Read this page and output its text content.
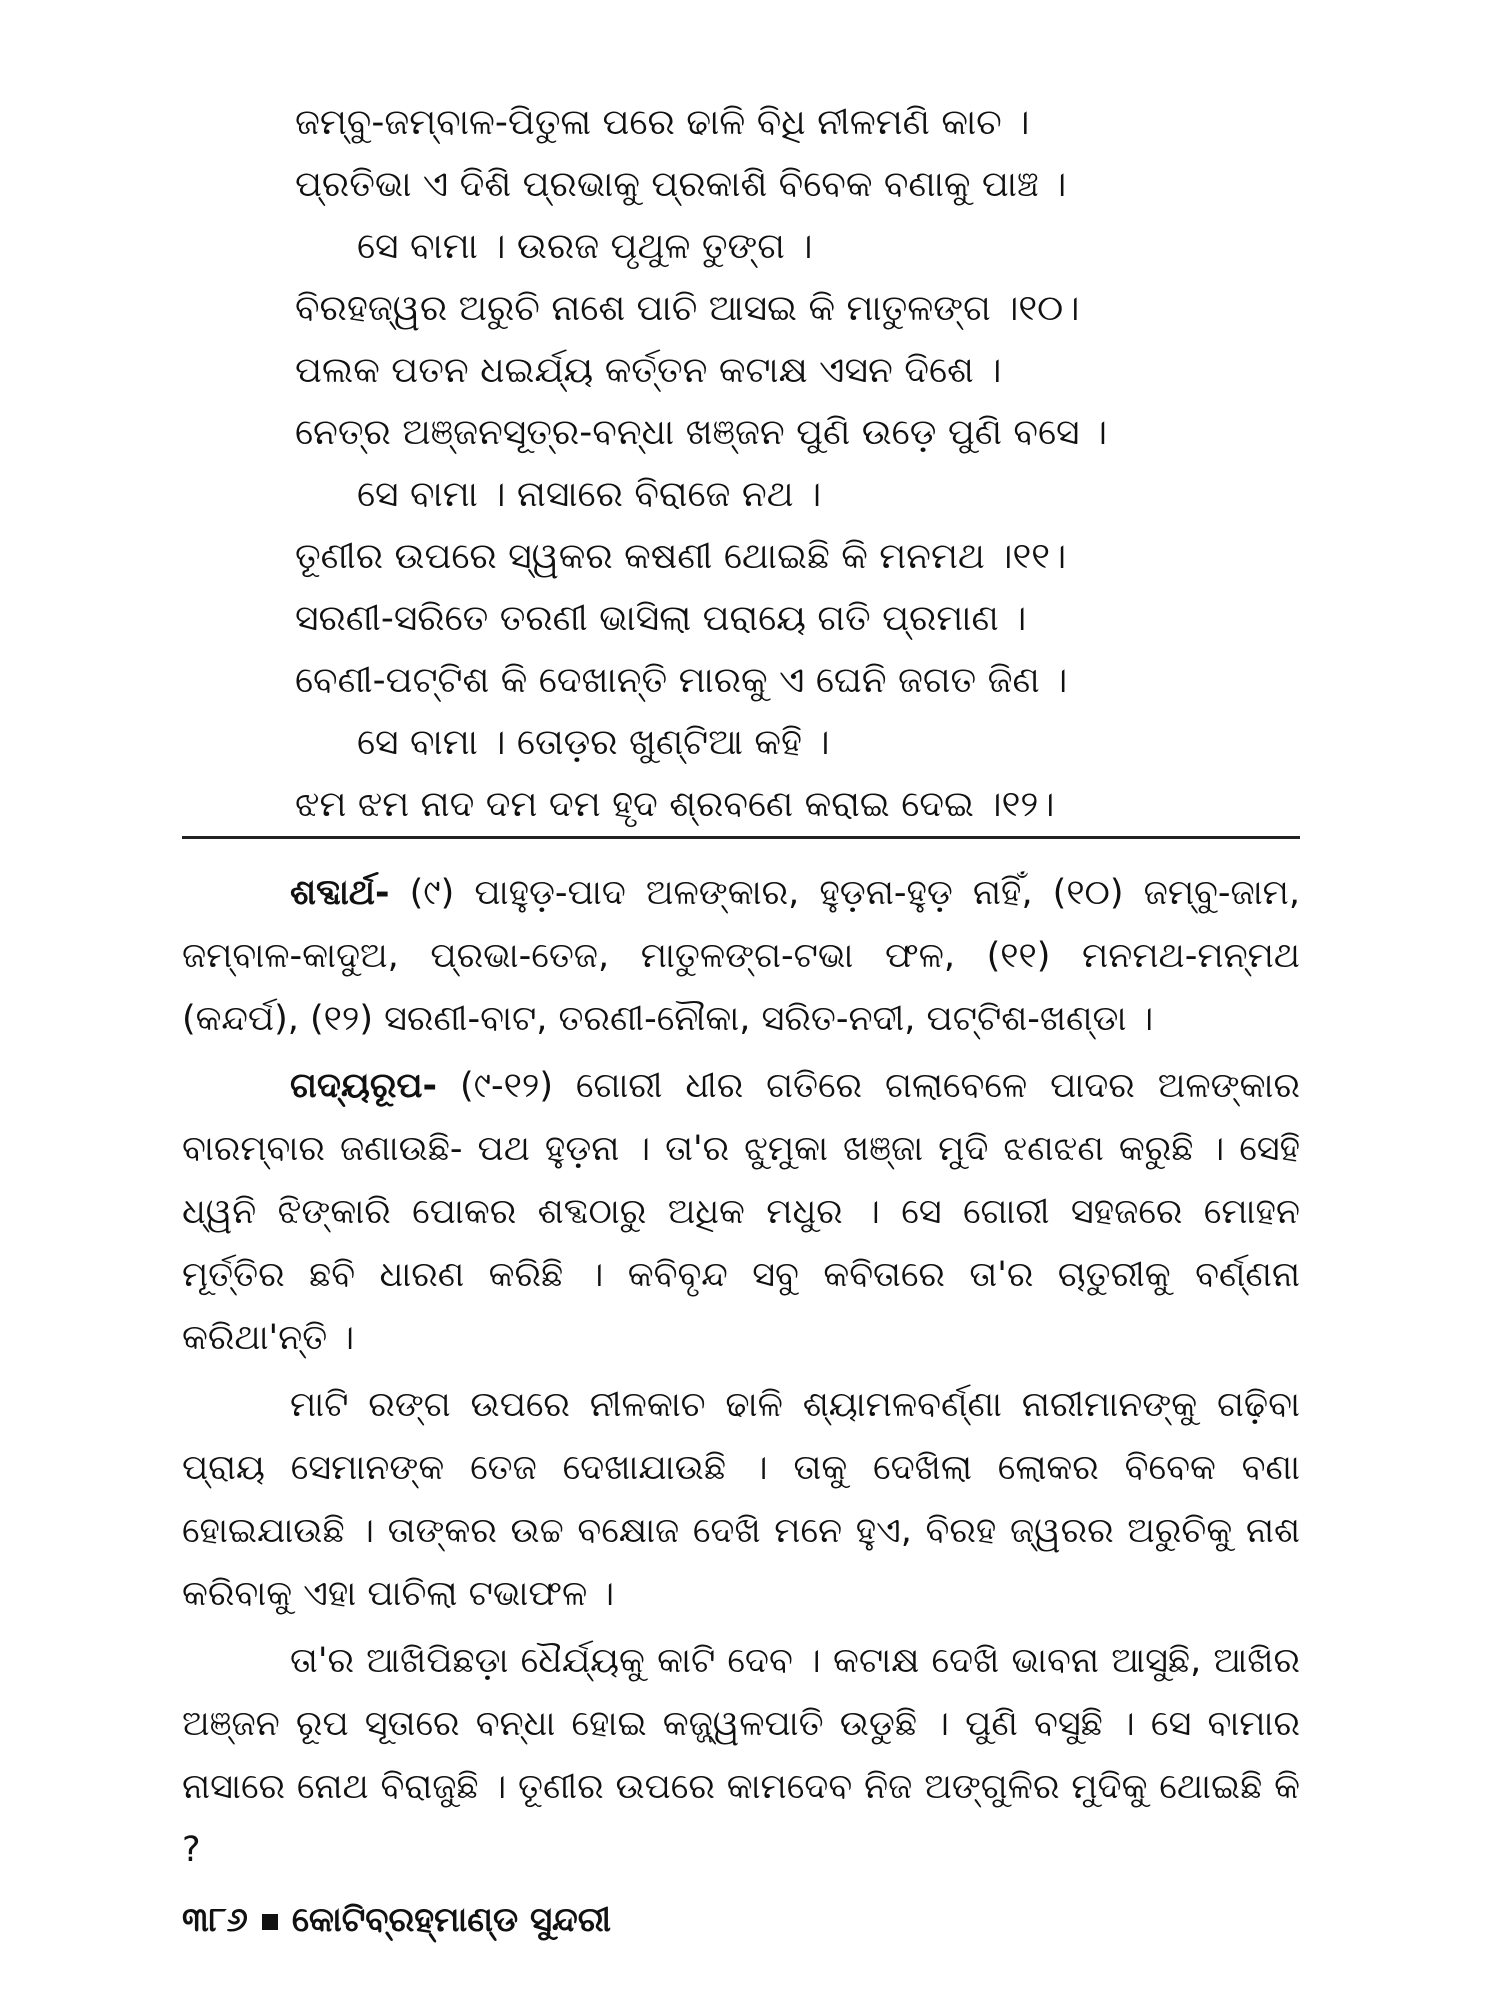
ଜମ୍ବୁ-ଜମ୍ବାଳ-ପିତୁଳା ପରେ ଢାଳି ବିଧି ନୀଳମଣି କାଚ ।
ପ୍ରତିଭା ଏ ଦିଶି ପ୍ରଭାକୁ ପ୍ରକାଶି ବିବେକ ବଣାକୁ ପାଞ୍ଚ ।
ସେ ବାମା । ଉରଜ ପୃଥୁଳ ତୁଙ୍ଗ ।
ବିରହଜ୍ୱର ଅରୁଚି ନାଶେ ପାଚି ଆସଇ କି ମାତୁଳଙ୍ଗ ।୧୦।
ପଲକ ପତନ ଧଇର୍ଯ୍ୟ କର୍ତ୍ତନ କଟାକ୍ଷ ଏସନ ଦିଶେ ।
ନେତ୍ର ଅଞ୍ଜନସୂତ୍ର-ବନ୍ଧା ଖଞ୍ଜନ ପୁଣି ଉଡ଼େ ପୁଣି ବସେ ।
ସେ ବାମା । ନାସାରେ ବିରାଜେ ନଥ ।
ତୂଣୀର ଉପରେ ସ୍ୱକର କଷଣୀ ଥୋଇଛି କି ମନମଥ ।୧୧।
ସରଣୀ-ସରିତେ ତରଣୀ ଭାସିଲା ପରାୟେ ଗତି ପ୍ରମାଣ ।
ବେଣୀ-ପଟ୍ଟିଶ କି ଦେଖାନ୍ତି ମାରକୁ ଏ ଘେନି ଜଗତ ଜିଣ ।
ସେ ବାମା । ତୋଡ଼ର ଖୁଣ୍ଟିଆ କହି ।
ଝମ ଝମ ନାଦ ଦମ ଦମ ହୃଦ ଶ୍ରବଣେ କରାଇ ଦେଇ ।୧୨।

ଶବ୍ଦାର୍ଥ- (୯) ପାହୁଡ଼-ପାଦ ଅଳଙ୍କାର, ହୁଡ଼ନା-ହୁଡ଼ ନାହିଁ, (୧୦) ଜମ୍ବୁ-ଜାମ, ଜମ୍ବାଳ-କାଦୁଅ, ପ୍ରଭା-ତେଜ, ମାତୁଳଙ୍ଗ-ଟଭା ଫଳ, (୧୧) ମନମଥ-ମନ୍ମଥ (କନ୍ଦର୍ପ), (୧୨) ସରଣୀ-ବାଟ, ତରଣୀ-ନୌକା, ସରିତ-ନଦୀ, ପଟ୍ଟିଶ-ଖଣ୍ଡା ।

ଗଦ୍ୟରୂପ- (୯-୧୨) ଗୋରୀ ଧୀର ଗତିରେ ଗଲାବେଳେ ପାଦର ଅଳଙ୍କାର ବାରମ୍ବାର ଜଣାଉଛି- ପଥ ହୁଡ଼ନା । ତା'ର ଝୁମୁକା ଖଞ୍ଜା ମୁଦି ଝଣଝଣ କରୁଛି । ସେହି ଧ୍ୱନି ଝିଙ୍କାରି ପୋକର ଶବ୍ଦଠାରୁ ଅଧିକ ମଧୁର । ସେ ଗୋରୀ ସହଜରେ ମୋହନ ମୂର୍ତ୍ତିର ଛବି ଧାରଣ କରିଛି । କବିବୃନ୍ଦ ସବୁ କବିତାରେ ତା'ର ଚାତୁରୀକୁ ବର୍ଣ୍ଣନା କରିଥା'ନ୍ତି ।

ମାଟି ରଙ୍ଗ ଉପରେ ନୀଳକାଚ ଢାଳି ଶ୍ୟାମଳବର୍ଣ୍ଣା ନାରୀମାନଙ୍କୁ ଗଢ଼ିବା ପ୍ରାୟ ସେମାନଙ୍କ ତେଜ ଦେଖାଯାଉଛି । ତାକୁ ଦେଖିଲା ଲୋକର ବିବେକ ବଣା ହୋଇଯାଉଛି । ତାଙ୍କର ଉଚ୍ଚ ବକ୍ଷୋଜ ଦେଖି ମନେ ହୁଏ, ବିରହ ଜ୍ୱରର ଅରୁଚିକୁ ନାଶ କରିବାକୁ ଏହା ପାଚିଲା ଟଭାଫଳ ।

ତା'ର ଆଖିପିଛଡ଼ା ଧୈର୍ଯ୍ୟକୁ କାଟି ଦେବ । କଟାକ୍ଷ ଦେଖି ଭାବନା ଆସୁଛି, ଆଖିର ଅଞ୍ଜନ ରୂପ ସୂତାରେ ବନ୍ଧା ହୋଇ କଜ୍ଜ୍ୱଳପାତି ଉଡୁଛି । ପୁଣି ବସୁଛି । ସେ ବାମାର ନାସାରେ ନୋଥ ବିରାଜୁଛି । ତୂଣୀର ଉପରେ କାମଦେବ ନିଜ ଅଙ୍ଗୁଳିର ମୁଦିକୁ ଥୋଇଛି କି ?

୩୮୬ କୋଟିବ୍ରହ୍ମାଣ୍ଡ ସୁନ୍ଦରୀ
